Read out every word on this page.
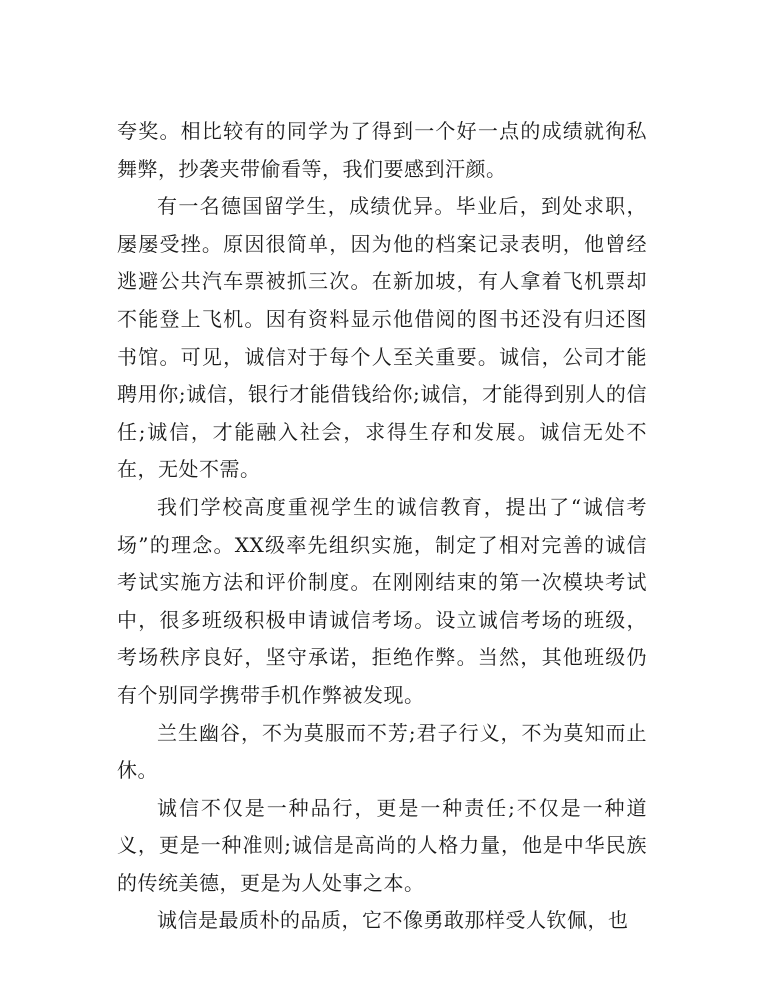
夸奖。相比较有的同学为了得到一个好一点的成绩就徇私舞弊，抄袭夹带偷看等，我们要感到汗颜。

有一名德国留学生，成绩优异。毕业后，到处求职，屡屡受挫。原因很简单，因为他的档案记录表明，他曾经逃避公共汽车票被抓三次。在新加坡，有人拿着飞机票却不能登上飞机。因有资料显示他借阅的图书还没有归还图书馆。可见，诚信对于每个人至关重要。诚信，公司才能聘用你;诚信，银行才能借钱给你;诚信，才能得到别人的信任;诚信，才能融入社会，求得生存和发展。诚信无处不在，无处不需。

我们学校高度重视学生的诚信教育，提出了“诚信考场”的理念。XX级率先组织实施，制定了相对完善的诚信考试实施方法和评价制度。在刚刚结束的第一次模块考试中，很多班级积极申请诚信考场。设立诚信考场的班级，考场秩序良好，坚守承诺，拒绝作弊。当然，其他班级仍有个别同学携带手机作弊被发现。

兰生幽谷，不为莫服而不芳;君子行义，不为莫知而止休。

诚信不仅是一种品行，更是一种责任;不仅是一种道义，更是一种准则;诚信是高尚的人格力量，他是中华民族的传统美德，更是为人处事之本。

诚信是最质朴的品质，它不像勇敢那样受人钦佩，也
